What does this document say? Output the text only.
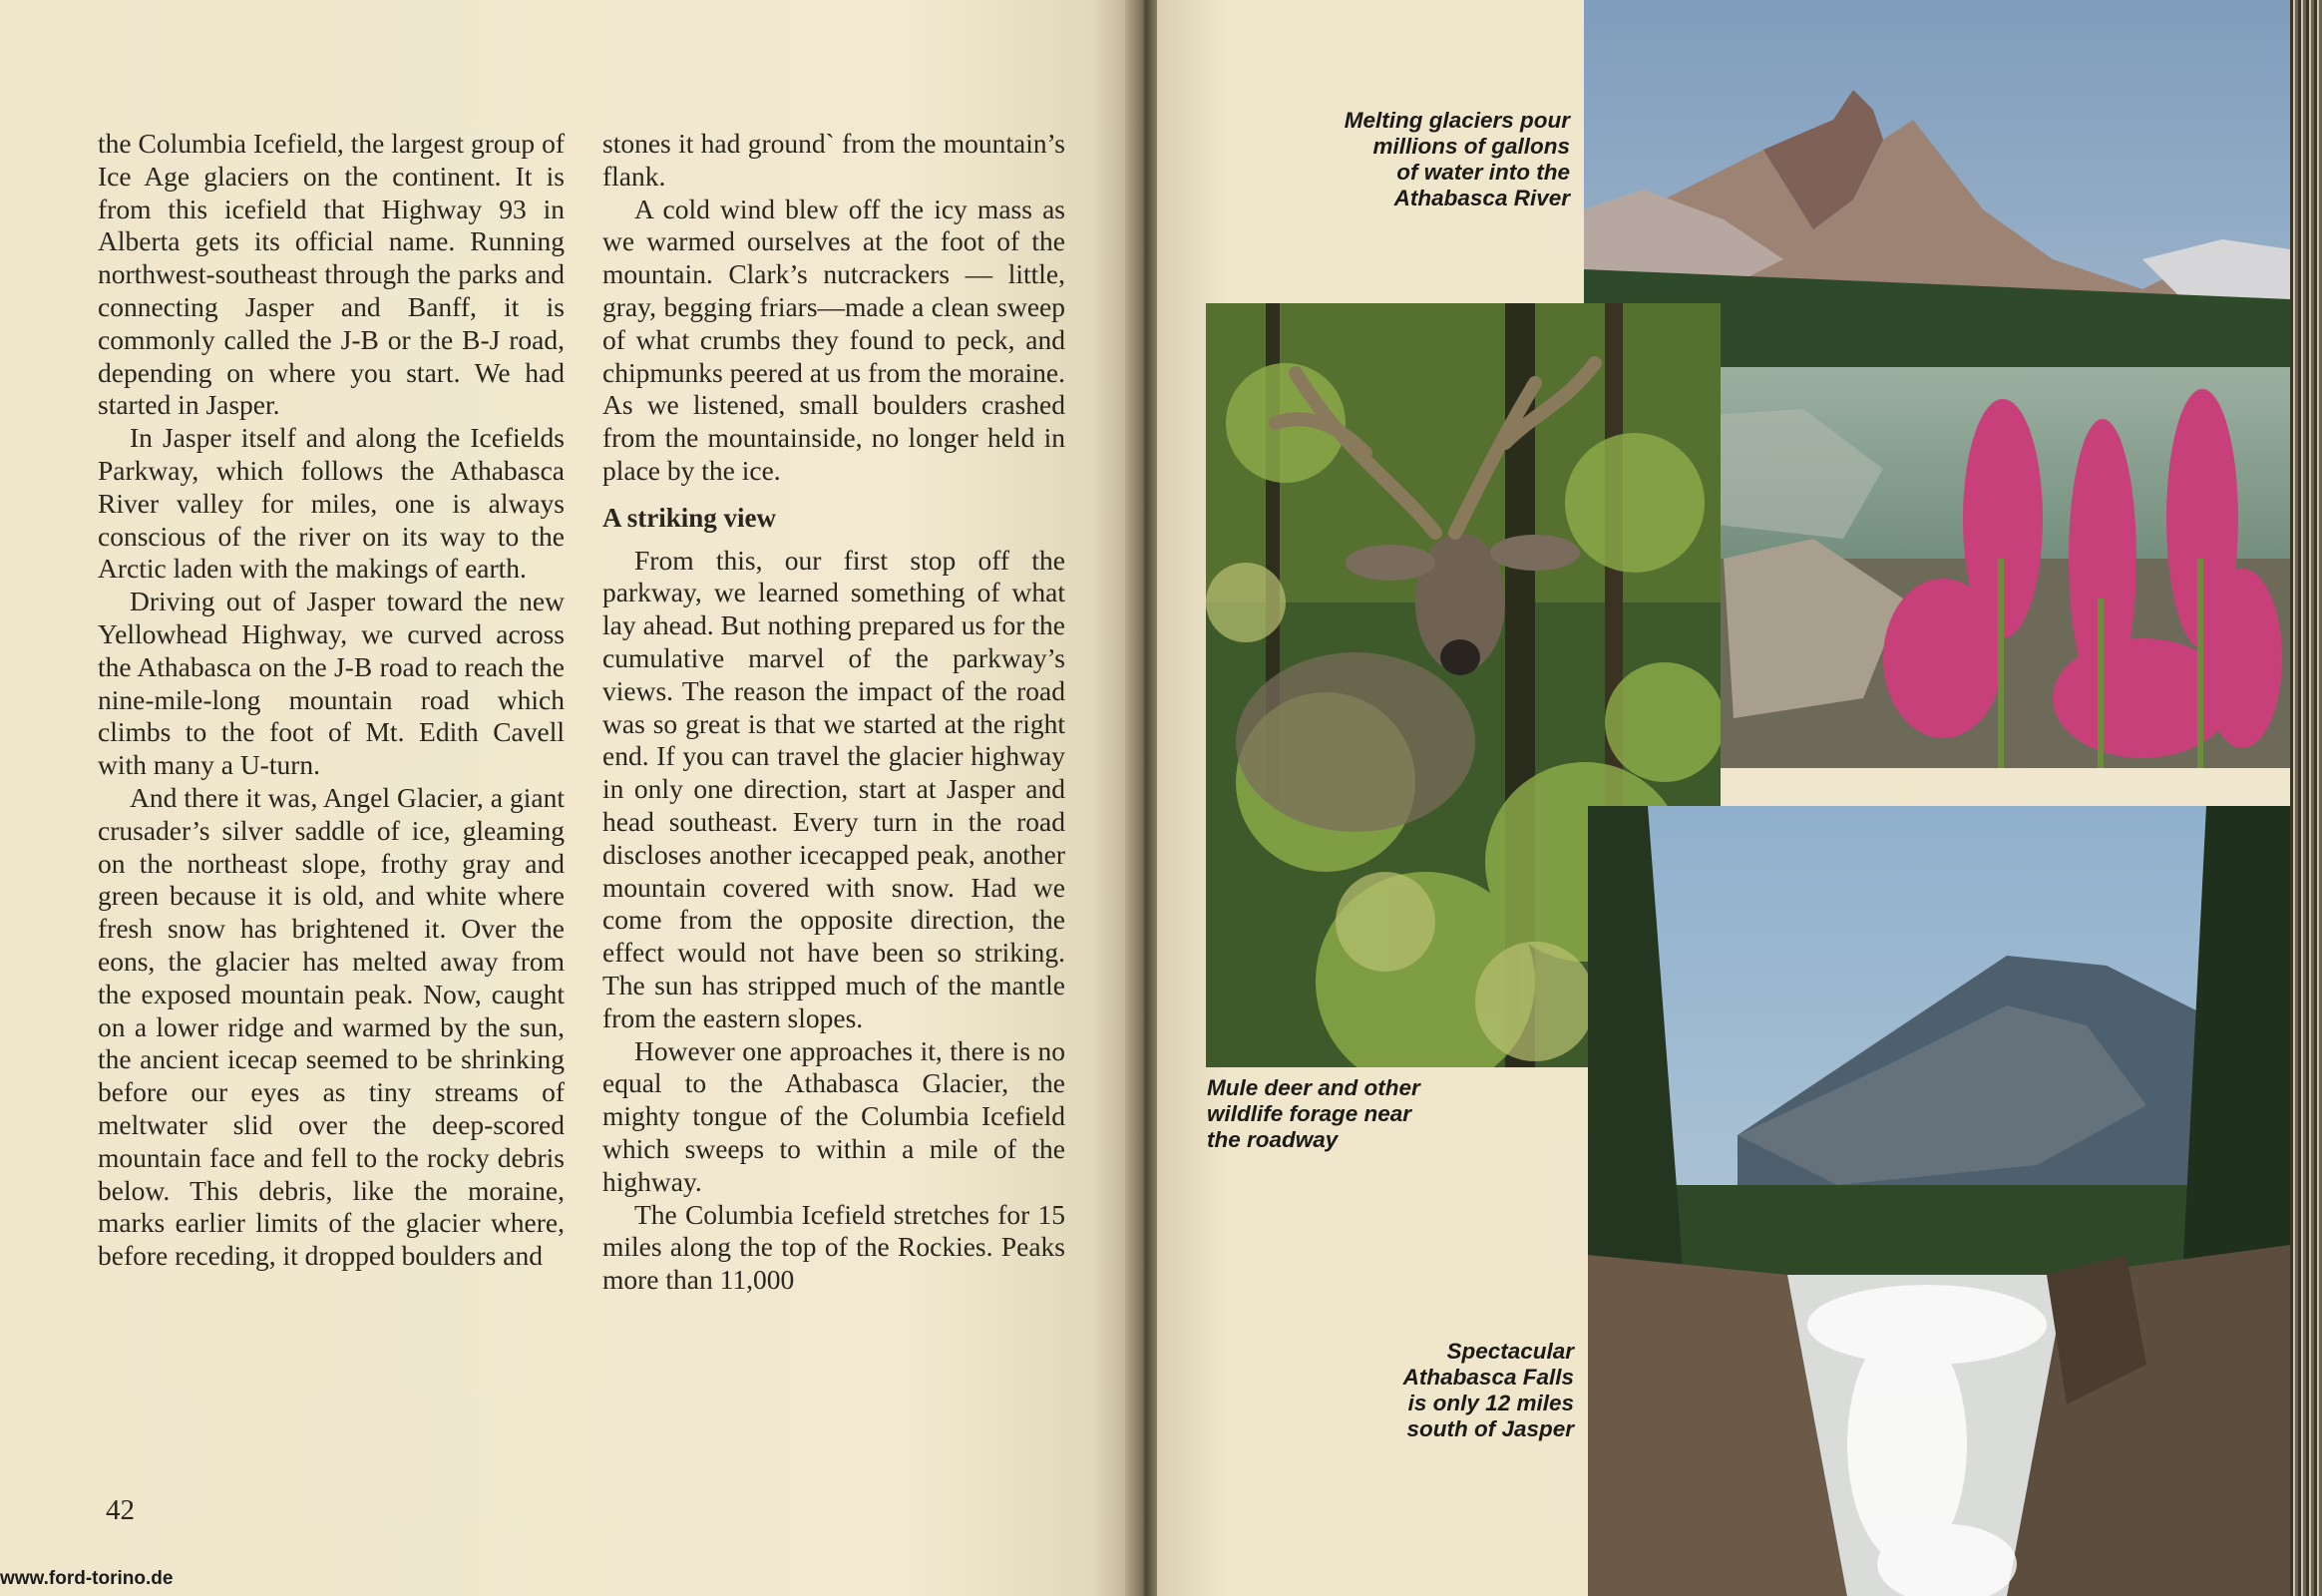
the Columbia Icefield, the largest group of Ice Age glaciers on the continent. It is from this icefield that Highway 93 in Alberta gets its official name. Running northwest-southeast through the parks and connecting Jasper and Banff, it is commonly called the J-B or the B-J road, depending on where you start. We had started in Jasper.

In Jasper itself and along the Icefields Parkway, which follows the Athabasca River valley for miles, one is always conscious of the river on its way to the Arctic laden with the makings of earth.

Driving out of Jasper toward the new Yellowhead Highway, we curved across the Athabasca on the J-B road to reach the nine-mile-long mountain road which climbs to the foot of Mt. Edith Cavell with many a U-turn.

And there it was, Angel Glacier, a giant crusader’s silver saddle of ice, gleaming on the northeast slope, frothy gray and green because it is old, and white where fresh snow has brightened it. Over the eons, the glacier has melted away from the exposed mountain peak. Now, caught on a lower ridge and warmed by the sun, the ancient icecap seemed to be shrinking before our eyes as tiny streams of meltwater slid over the deep-scored mountain face and fell to the rocky debris below. This debris, like the moraine, marks earlier limits of the glacier where, before receding, it dropped boulders and

stones it had ground` from the mountain’s flank.

A cold wind blew off the icy mass as we warmed ourselves at the foot of the mountain. Clark’s nutcrackers — little, gray, begging friars—made a clean sweep of what crumbs they found to peck, and chipmunks peered at us from the moraine. As we listened, small boulders crashed from the mountainside, no longer held in place by the ice.

A striking view

From this, our first stop off the parkway, we learned something of what lay ahead. But nothing prepared us for the cumulative marvel of the parkway’s views. The reason the impact of the road was so great is that we started at the right end. If you can travel the glacier highway in only one direction, start at Jasper and head southeast. Every turn in the road discloses another icecapped peak, another mountain covered with snow. Had we come from the opposite direction, the effect would not have been so striking. The sun has stripped much of the mantle from the eastern slopes.

However one approaches it, there is no equal to the Athabasca Glacier, the mighty tongue of the Columbia Icefield which sweeps to within a mile of the highway.

The Columbia Icefield stretches for 15 miles along the top of the Rockies. Peaks more than 11,000

42
www.ford-torino.de
Melting glaciers pour
millions of gallons
of water into the
Athabasca River
Mule deer and other
wildlife forage near
the roadway
Spectacular
Athabasca Falls
is only 12 miles
south of Jasper
